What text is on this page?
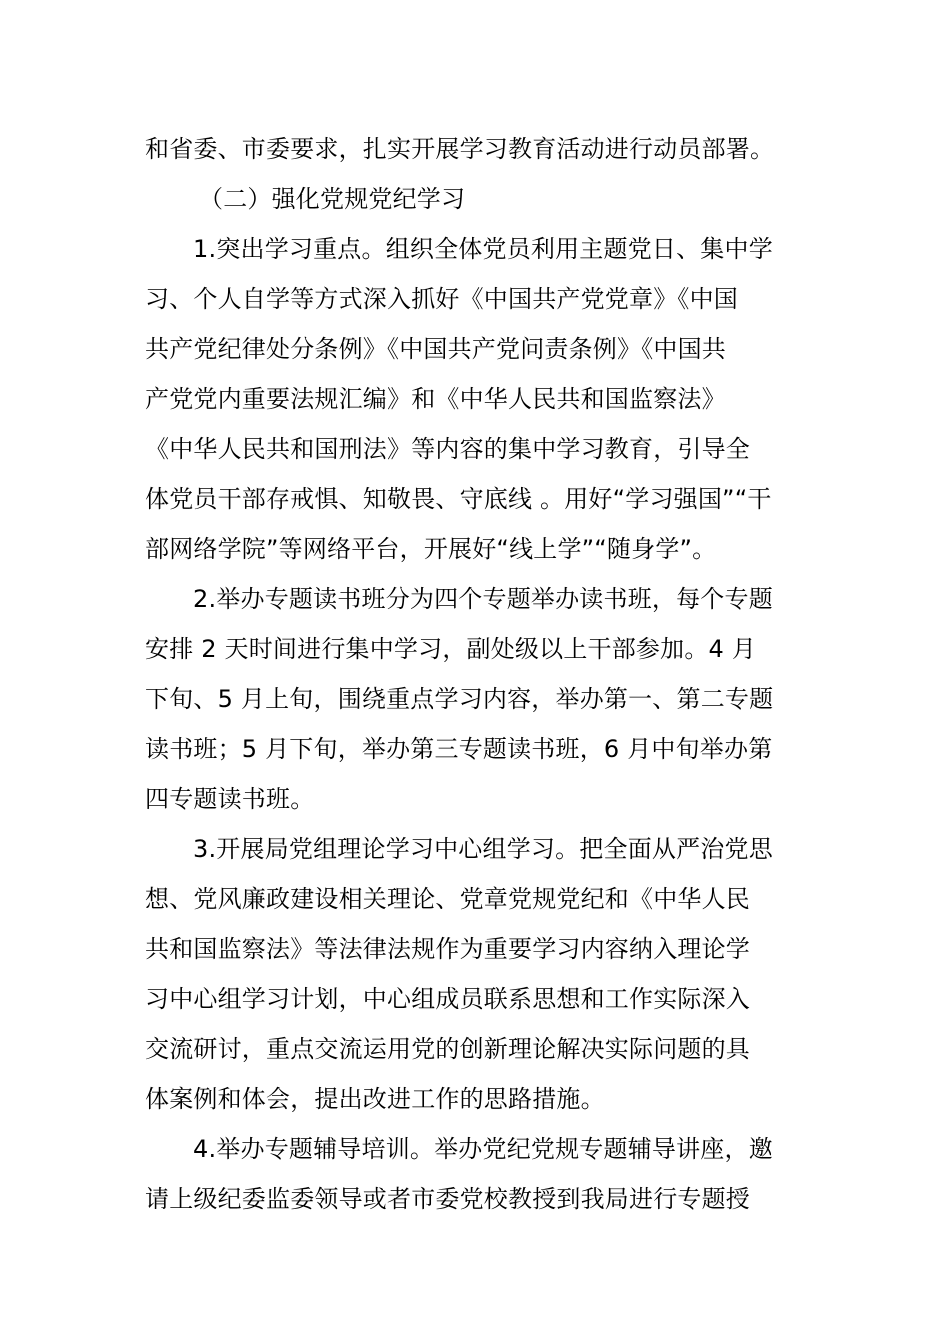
和省委、市委要求，扎实开展学习教育活动进行动员部署。
（二）强化党规党纪学习
1.突出学习重点。组织全体党员利用主题党日、集中学
习、个人自学等方式深入抓好《中国共产党党章》《中国
共产党纪律处分条例》《中国共产党问责条例》《中国共
产党党内重要法规汇编》和《中华人民共和国监察法》
《中华人民共和国刑法》等内容的集中学习教育，引导全
体党员干部存戒惧、知敬畏、守底线 。用好“学习强国”“干
部网络学院”等网络平台，开展好“线上学”“随身学”。
2.举办专题读书班分为四个专题举办读书班，每个专题
安排 2 天时间进行集中学习，副处级以上干部参加。4 月
下旬、5 月上旬，围绕重点学习内容，举办第一、第二专题
读书班；5 月下旬，举办第三专题读书班，6 月中旬举办第
四专题读书班。
3.开展局党组理论学习中心组学习。把全面从严治党思
想、党风廉政建设相关理论、党章党规党纪和《中华人民
共和国监察法》等法律法规作为重要学习内容纳入理论学
习中心组学习计划，中心组成员联系思想和工作实际深入
交流研讨，重点交流运用党的创新理论解决实际问题的具
体案例和体会，提出改进工作的思路措施。
4.举办专题辅导培训。举办党纪党规专题辅导讲座，邀
请上级纪委监委领导或者市委党校教授到我局进行专题授
